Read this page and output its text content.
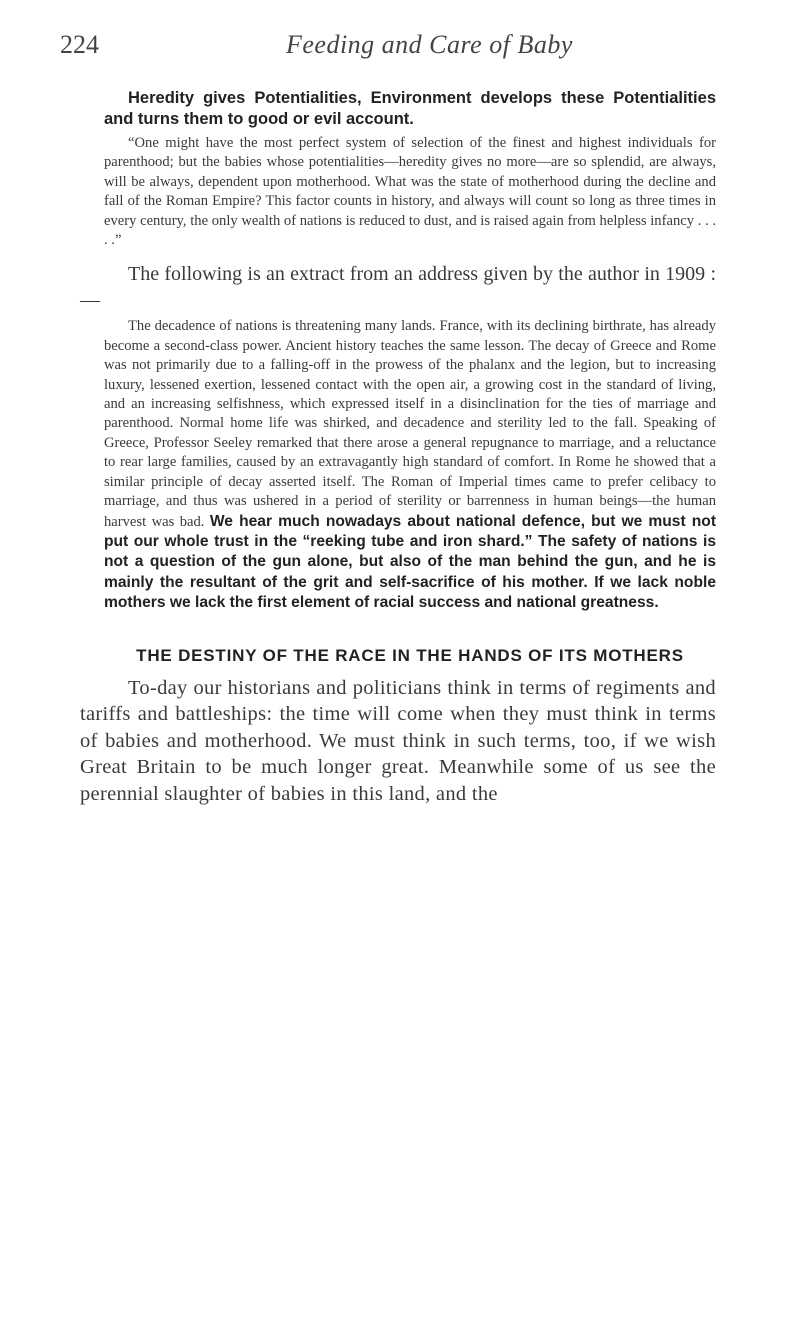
224	Feeding and Care of Baby

Heredity gives Potentialities, Environment develops these Potentialities and turns them to good or evil account.

“One might have the most perfect system of selection of the finest and highest individuals for parenthood; but the babies whose potentialities—heredity gives no more—are so splendid, are always, will be always, dependent upon motherhood. What was the state of motherhood during the decline and fall of the Roman Empire? This factor counts in history, and always will count so long as three times in every century, the only wealth of nations is reduced to dust, and is raised again from helpless infancy . . . . .”

The following is an extract from an address given by the author in 1909 :—

The decadence of nations is threatening many lands. France, with its declining birthrate, has already become a second-class power. Ancient history teaches the same lesson. The decay of Greece and Rome was not primarily due to a falling-off in the prowess of the phalanx and the legion, but to increasing luxury, lessened exertion, lessened contact with the open air, a growing cost in the standard of living, and an increasing selfishness, which expressed itself in a disinclination for the ties of marriage and parenthood. Normal home life was shirked, and decadence and sterility led to the fall. Speaking of Greece, Professor Seeley remarked that there arose a general repugnance to marriage, and a reluctance to rear large families, caused by an extravagantly high standard of comfort. In Rome he showed that a similar principle of decay asserted itself. The Roman of Imperial times came to prefer celibacy to marriage, and thus was ushered in a period of sterility or barrenness in human beings—the human harvest was bad. We hear much nowadays about national defence, but we must not put our whole trust in the “reeking tube and iron shard.” The safety of nations is not a question of the gun alone, but also of the man behind the gun, and he is mainly the resultant of the grit and self-sacrifice of his mother. If we lack noble mothers we lack the first element of racial success and national greatness.

THE DESTINY OF THE RACE IN THE HANDS OF ITS MOTHERS

To-day our historians and politicians think in terms of regiments and tariffs and battleships: the time will come when they must think in terms of babies and motherhood. We must think in such terms, too, if we wish Great Britain to be much longer great. Meanwhile some of us see the perennial slaughter of babies in this land, and the
